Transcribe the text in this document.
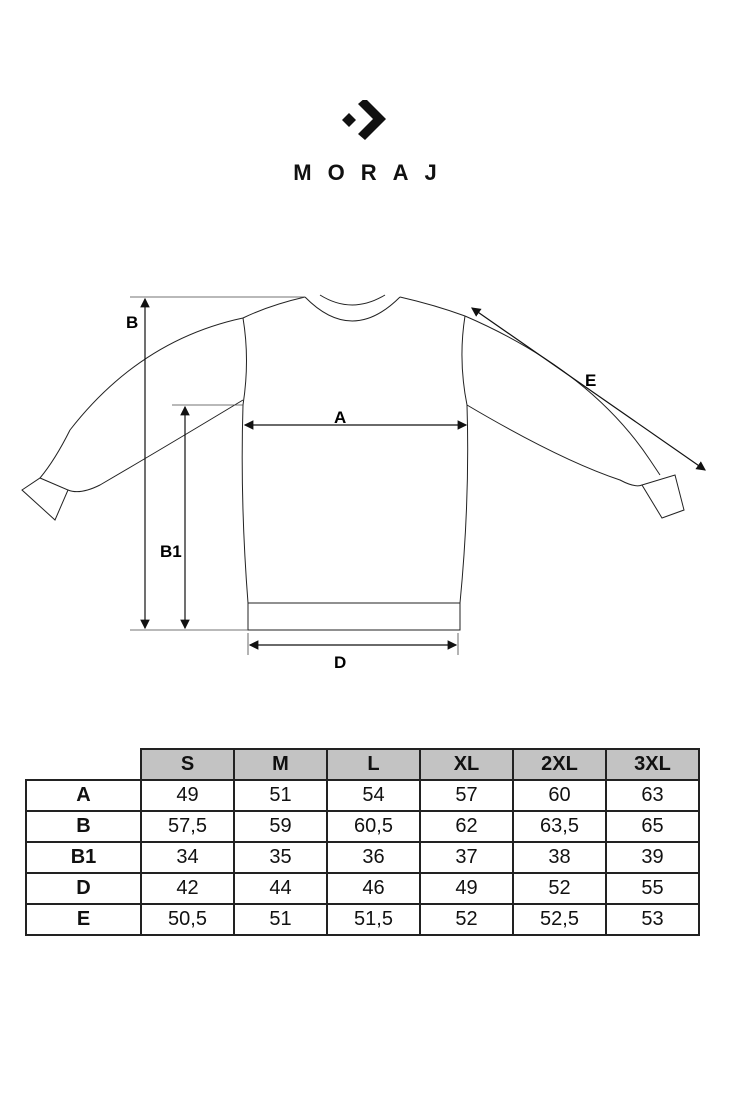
MORAJ
B
B1
A
D
E
	S	M	L	XL	2XL	3XL
A	49	51	54	57	60	63
B	57,5	59	60,5	62	63,5	65
B1	34	35	36	37	38	39
D	42	44	46	49	52	55
E	50,5	51	51,5	52	52,5	53
